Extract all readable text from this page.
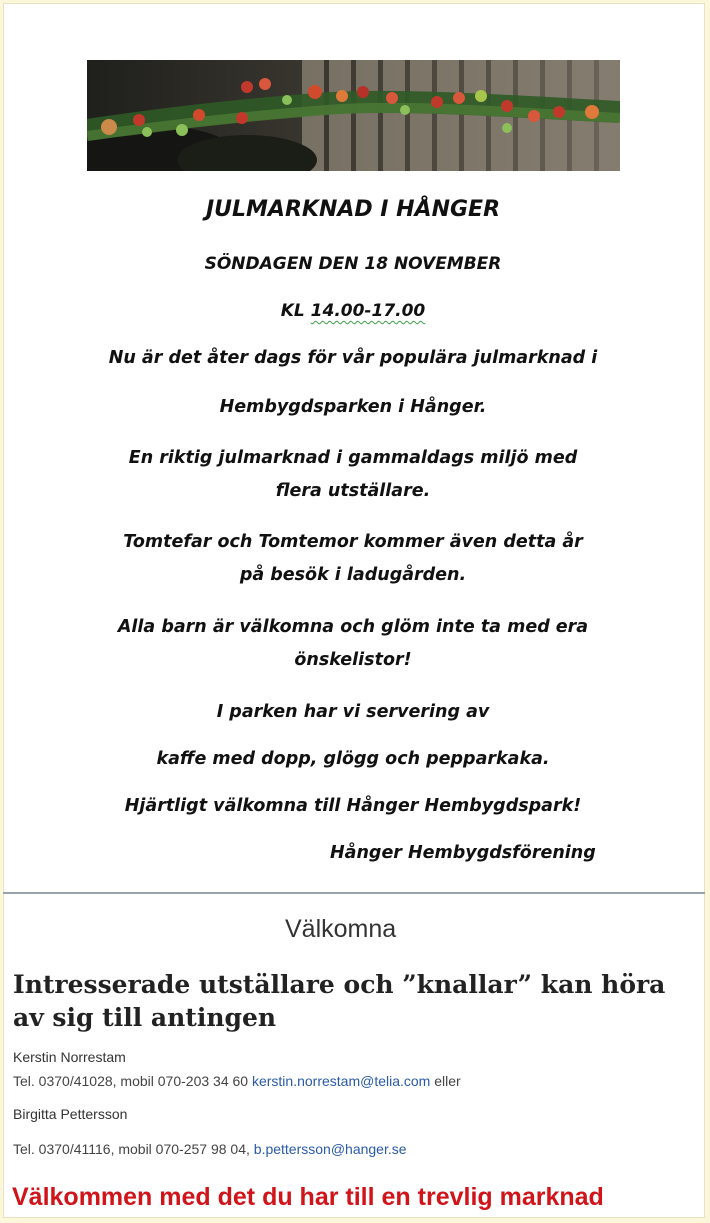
JULMARKNAD I HÅNGER
SÖNDAGEN DEN 18 NOVEMBER
KL 14.00-17.00
Nu är det åter dags för vår populära julmarknad i
Hembygdsparken i Hånger.
En riktig julmarknad i gammaldags miljö med
flera utställare.
Tomtefar och Tomtemor kommer även detta år
på besök i ladugården.
Alla barn är välkomna och glöm inte ta med era
önskelistor!
I parken har vi servering av
kaffe med dopp, glögg och pepparkaka.
Hjärtligt välkomna till Hånger Hembygdspark!
Hånger Hembygdsförening
Välkomna
Intresserade utställare och ”knallar” kan höra av sig till antingen
Kerstin Norrestam
Tel. 0370/41028, mobil 070-203 34 60 kerstin.norrestam@telia.com eller
Birgitta Pettersson
Tel. 0370/41116, mobil 070-257 98 04, b.pettersson@hanger.se
Välkommen med det du har till en trevlig marknad
